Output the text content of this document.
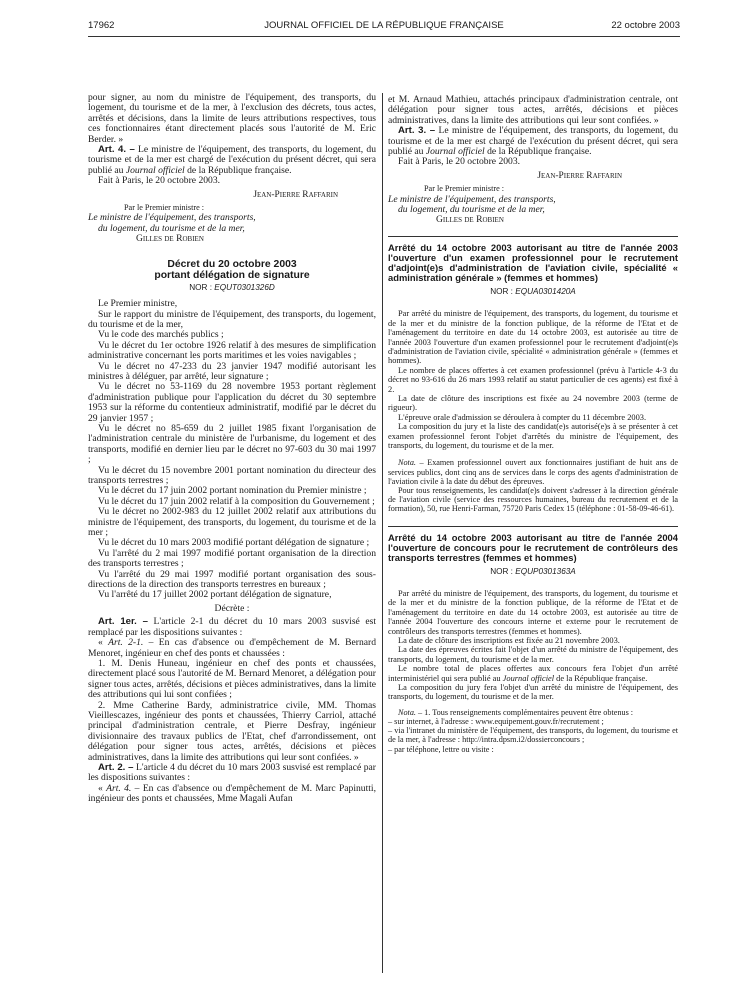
17962	JOURNAL OFFICIEL DE LA RÉPUBLIQUE FRANÇAISE	22 octobre 2003

pour signer, au nom du ministre de l'équipement, des transports, du logement, du tourisme et de la mer, à l'exclusion des décrets, tous actes, arrêtés et décisions, dans la limite de leurs attributions respectives, tous ces fonctionnaires étant directement placés sous l'autorité de M. Eric Berder. »

Art. 4. – Le ministre de l'équipement, des transports, du logement, du tourisme et de la mer est chargé de l'exécution du présent décret, qui sera publié au Journal officiel de la République française.

Fait à Paris, le 20 octobre 2003.

Jean-Pierre Raffarin

Par le Premier ministre :

Le ministre de l'équipement, des transports,

du logement, du tourisme et de la mer,

Gilles de Robien

Décret du 20 octobre 2003
portant délégation de signature

NOR : EQUT0301326D

Le Premier ministre,

Sur le rapport du ministre de l'équipement, des transports, du logement, du tourisme et de la mer,

Vu le code des marchés publics ;

Vu le décret du 1er octobre 1926 relatif à des mesures de simplification administrative concernant les ports maritimes et les voies navigables ;

Vu le décret no 47-233 du 23 janvier 1947 modifié autorisant les ministres à déléguer, par arrêté, leur signature ;

Vu le décret no 53-1169 du 28 novembre 1953 portant règlement d'administration publique pour l'application du décret du 30 septembre 1953 sur la réforme du contentieux administratif, modifié par le décret du 29 janvier 1957 ;

Vu le décret no 85-659 du 2 juillet 1985 fixant l'organisation de l'administration centrale du ministère de l'urbanisme, du logement et des transports, modifié en dernier lieu par le décret no 97-603 du 30 mai 1997 ;

Vu le décret du 15 novembre 2001 portant nomination du directeur des transports terrestres ;

Vu le décret du 17 juin 2002 portant nomination du Premier ministre ;

Vu le décret du 17 juin 2002 relatif à la composition du Gouvernement ;

Vu le décret no 2002-983 du 12 juillet 2002 relatif aux attributions du ministre de l'équipement, des transports, du logement, du tourisme et de la mer ;

Vu le décret du 10 mars 2003 modifié portant délégation de signature ;

Vu l'arrêté du 2 mai 1997 modifié portant organisation de la direction des transports terrestres ;

Vu l'arrêté du 29 mai 1997 modifié portant organisation des sous-directions de la direction des transports terrestres en bureaux ;

Vu l'arrêté du 17 juillet 2002 portant délégation de signature,

Décrète :

Art. 1er. – L'article 2-1 du décret du 10 mars 2003 susvisé est remplacé par les dispositions suivantes :

« Art. 2-1. – En cas d'absence ou d'empêchement de M. Bernard Menoret, ingénieur en chef des ponts et chaussées :

1. M. Denis Huneau, ingénieur en chef des ponts et chaussées, directement placé sous l'autorité de M. Bernard Menoret, a délégation pour signer tous actes, arrêtés, décisions et pièces administratives, dans la limite des attributions qui lui sont confiées ;

2. Mme Catherine Bardy, administratrice civile, MM. Thomas Vieillescazes, ingénieur des ponts et chaussées, Thierry Carriol, attaché principal d'administration centrale, et Pierre Desfray, ingénieur divisionnaire des travaux publics de l'Etat, chef d'arrondissement, ont délégation pour signer tous actes, arrêtés, décisions et pièces administratives, dans la limite des attributions qui leur sont confiées. »

Art. 2. – L'article 4 du décret du 10 mars 2003 susvisé est remplacé par les dispositions suivantes :

« Art. 4. – En cas d'absence ou d'empêchement de M. Marc Papinutti, ingénieur des ponts et chaussées, Mme Magali Aufan

et M. Arnaud Mathieu, attachés principaux d'administration centrale, ont délégation pour signer tous actes, arrêtés, décisions et pièces administratives, dans la limite des attributions qui leur sont confiées. »

Art. 3. – Le ministre de l'équipement, des transports, du logement, du tourisme et de la mer est chargé de l'exécution du présent décret, qui sera publié au Journal officiel de la République française.

Fait à Paris, le 20 octobre 2003.

Jean-Pierre Raffarin

Par le Premier ministre :

Le ministre de l'équipement, des transports,

du logement, du tourisme et de la mer,

Gilles de Robien

Arrêté du 14 octobre 2003 autorisant au titre de l'année 2003 l'ouverture d'un examen professionnel pour le recrutement d'adjoint(e)s d'administration de l'aviation civile, spécialité « administration générale » (femmes et hommes)

NOR : EQUA0301420A

Par arrêté du ministre de l'équipement, des transports, du logement, du tourisme et de la mer et du ministre de la fonction publique, de la réforme de l'Etat et de l'aménagement du territoire en date du 14 octobre 2003, est autorisée au titre de l'année 2003 l'ouverture d'un examen professionnel pour le recrutement d'adjoint(e)s d'administration de l'aviation civile, spécialité « administration générale » (femmes et hommes).

Le nombre de places offertes à cet examen professionnel (prévu à l'article 4-3 du décret no 93-616 du 26 mars 1993 relatif au statut particulier de ces agents) est fixé à 2.

La date de clôture des inscriptions est fixée au 24 novembre 2003 (terme de rigueur).

L'épreuve orale d'admission se déroulera à compter du 11 décembre 2003.

La composition du jury et la liste des candidat(e)s autorisé(e)s à se présenter à cet examen professionnel feront l'objet d'arrêtés du ministre de l'équipement, des transports, du logement, du tourisme et de la mer.

Nota. – Examen professionnel ouvert aux fonctionnaires justifiant de huit ans de services publics, dont cinq ans de services dans le corps des agents d'administration de l'aviation civile à la date du début des épreuves.

Pour tous renseignements, les candidat(e)s doivent s'adresser à la direction générale de l'aviation civile (service des ressources humaines, bureau du recrutement et de la formation), 50, rue Henri-Farman, 75720 Paris Cedex 15 (téléphone : 01-58-09-46-61).

Arrêté du 14 octobre 2003 autorisant au titre de l'année 2004 l'ouverture de concours pour le recrutement de contrôleurs des transports terrestres (femmes et hommes)

NOR : EQUP0301363A

Par arrêté du ministre de l'équipement, des transports, du logement, du tourisme et de la mer et du ministre de la fonction publique, de la réforme de l'Etat et de l'aménagement du territoire en date du 14 octobre 2003, est autorisée au titre de l'année 2004 l'ouverture des concours interne et externe pour le recrutement de contrôleurs des transports terrestres (femmes et hommes).

La date de clôture des inscriptions est fixée au 21 novembre 2003.

La date des épreuves écrites fait l'objet d'un arrêté du ministre de l'équipement, des transports, du logement, du tourisme et de la mer.

Le nombre total de places offertes aux concours fera l'objet d'un arrêté interministériel qui sera publié au Journal officiel de la République française.

La composition du jury fera l'objet d'un arrêté du ministre de l'équipement, des transports, du logement, du tourisme et de la mer.

Nota. – 1. Tous renseignements complémentaires peuvent être obtenus :

– sur internet, à l'adresse : www.equipement.gouv.fr/recrutement ;

– via l'intranet du ministère de l'équipement, des transports, du logement, du tourisme et de la mer, à l'adresse : http://intra.dpsm.i2/dossierconcours ;

– par téléphone, lettre ou visite :
